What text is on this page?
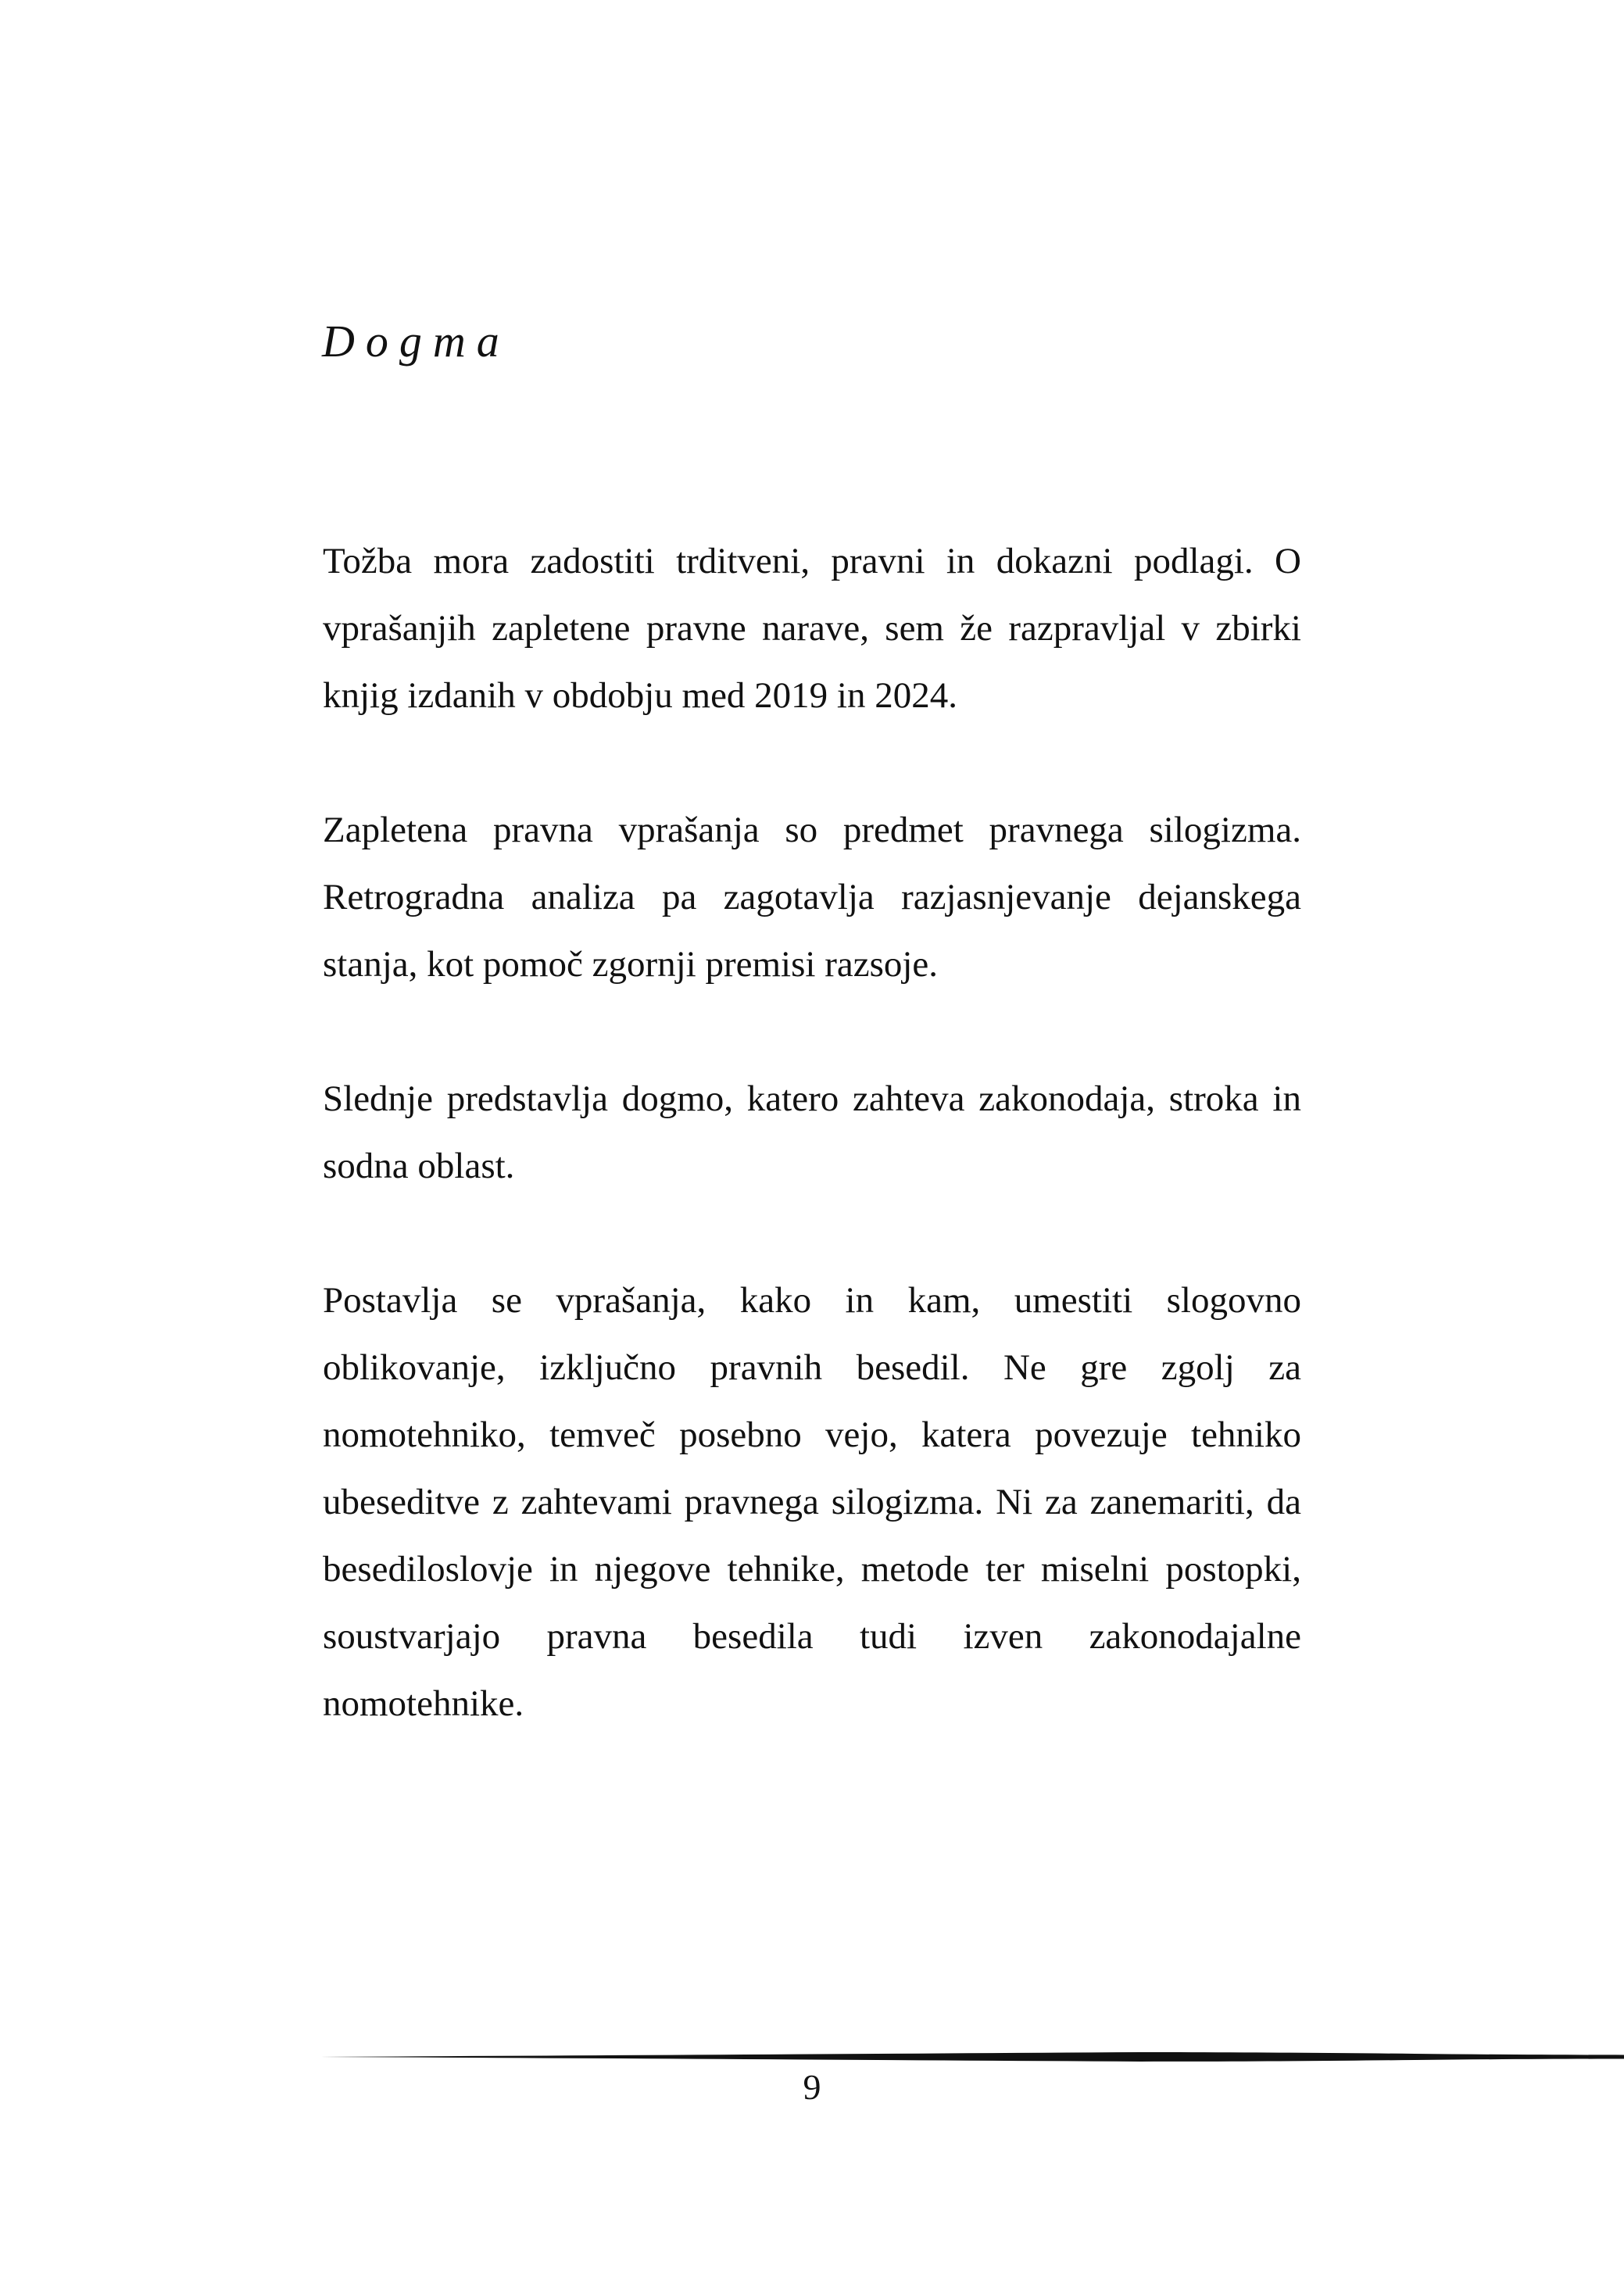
Dogma

Tožba mora zadostiti trditveni, pravni in dokazni podlagi. O vprašanjih zapletene pravne narave, sem že razpravljal v zbirki knjig izdanih v obdobju med 2019 in 2024.

Zapletena pravna vprašanja so predmet pravnega silogizma. Retrogradna analiza pa zagotavlja razjasnjevanje dejanskega stanja, kot pomoč zgornji premisi razsoje.

Slednje predstavlja dogmo, katero zahteva zakonodaja, stroka in sodna oblast.

Postavlja se vprašanja, kako in kam, umestiti slogovno oblikovanje, izključno pravnih besedil. Ne gre zgolj za nomotehniko, temveč posebno vejo, katera povezuje tehniko ubeseditve z zahtevami pravnega silogizma. Ni za zanemariti, da besediloslovje in njegove tehnike, metode ter miselni postopki, soustvarjajo pravna besedila tudi izven zakonodajalne nomotehnike.

9
